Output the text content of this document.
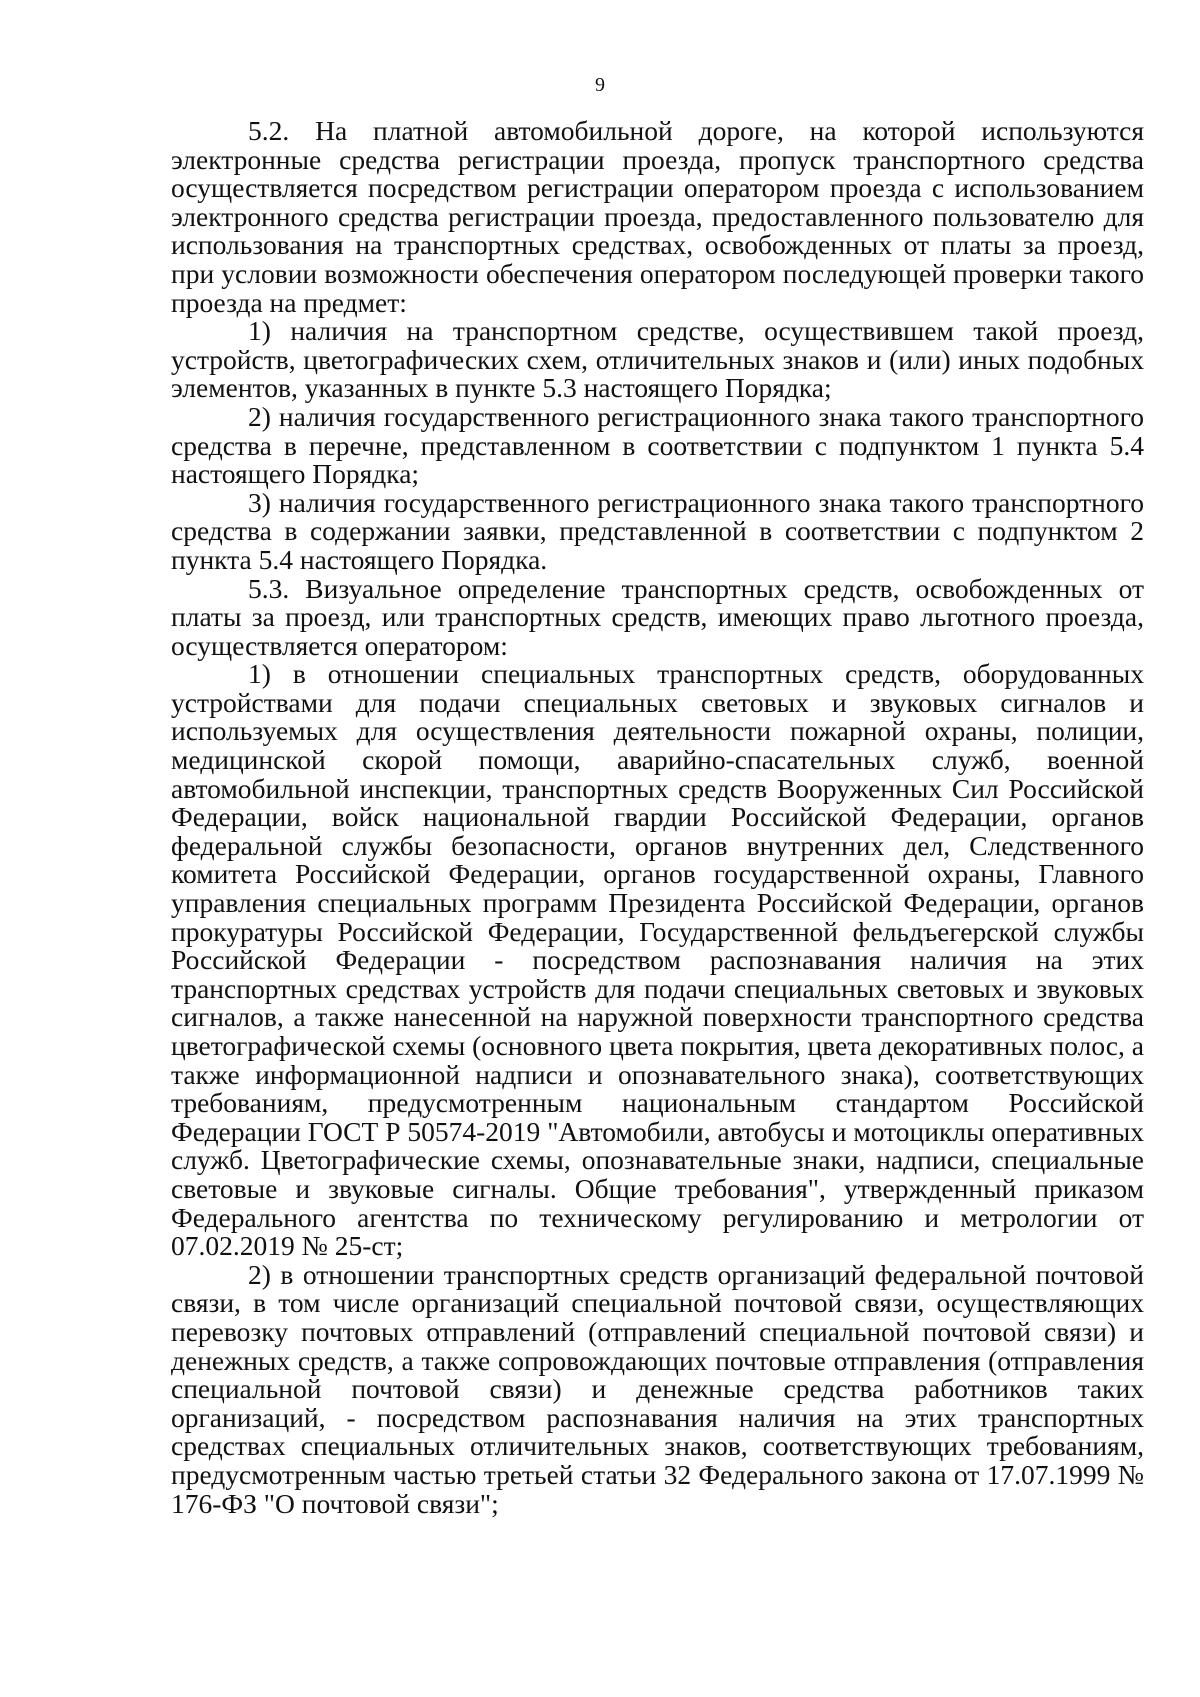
9

5.2. На платной автомобильной дороге, на которой используются электронные средства регистрации проезда, пропуск транспортного средства осуществляется посредством регистрации оператором проезда с использованием электронного средства регистрации проезда, предоставленного пользователю для использования на транспортных средствах, освобожденных от платы за проезд, при условии возможности обеспечения оператором последующей проверки такого проезда на предмет:

1) наличия на транспортном средстве, осуществившем такой проезд, устройств, цветографических схем, отличительных знаков и (или) иных подобных элементов, указанных в пункте 5.3 настоящего Порядка;

2) наличия государственного регистрационного знака такого транспортного средства в перечне, представленном в соответствии с подпунктом 1 пункта 5.4 настоящего Порядка;

3) наличия государственного регистрационного знака такого транспортного средства в содержании заявки, представленной в соответствии с подпунктом 2 пункта 5.4 настоящего Порядка.

5.3. Визуальное определение транспортных средств, освобожденных от платы за проезд, или транспортных средств, имеющих право льготного проезда, осуществляется оператором:

1) в отношении специальных транспортных средств, оборудованных устройствами для подачи специальных световых и звуковых сигналов и используемых для осуществления деятельности пожарной охраны, полиции, медицинской скорой помощи, аварийно-спасательных служб, военной автомобильной инспекции, транспортных средств Вооруженных Сил Российской Федерации, войск национальной гвардии Российской Федерации, органов федеральной службы безопасности, органов внутренних дел, Следственного комитета Российской Федерации, органов государственной охраны, Главного управления специальных программ Президента Российской Федерации, органов прокуратуры Российской Федерации, Государственной фельдъегерской службы Российской Федерации - посредством распознавания наличия на этих транспортных средствах устройств для подачи специальных световых и звуковых сигналов, а также нанесенной на наружной поверхности транспортного средства цветографической схемы (основного цвета покрытия, цвета декоративных полос, а также информационной надписи и опознавательного знака), соответствующих требованиям, предусмотренным национальным стандартом Российской Федерации ГОСТ Р 50574-2019 "Автомобили, автобусы и мотоциклы оперативных служб. Цветографические схемы, опознавательные знаки, надписи, специальные световые и звуковые сигналы. Общие требования", утвержденный приказом Федерального агентства по техническому регулированию и метрологии от 07.02.2019 № 25-ст;

2) в отношении транспортных средств организаций федеральной почтовой связи, в том числе организаций специальной почтовой связи, осуществляющих перевозку почтовых отправлений (отправлений специальной почтовой связи) и денежных средств, а также сопровождающих почтовые отправления (отправления специальной почтовой связи) и денежные средства работников таких организаций, - посредством распознавания наличия на этих транспортных средствах специальных отличительных знаков, соответствующих требованиям, предусмотренным частью третьей статьи 32 Федерального закона от 17.07.1999 № 176-ФЗ "О почтовой связи";
